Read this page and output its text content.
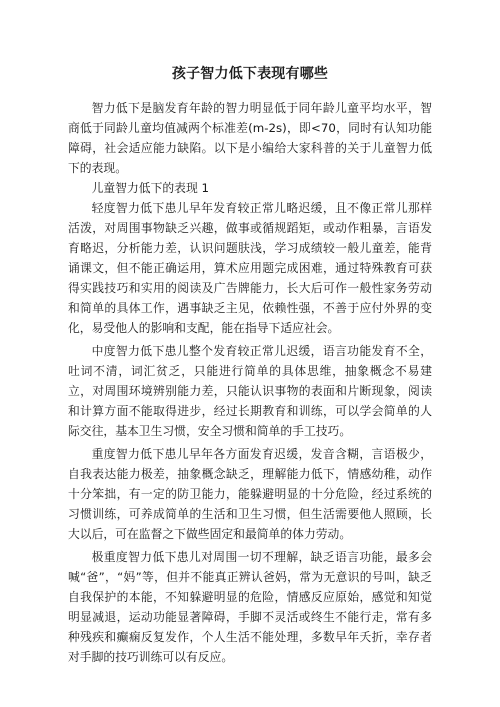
孩子智力低下表现有哪些

智力低下是脑发育年龄的智力明显低于同年龄儿童平均水平，智商低于同龄儿童均值减两个标准差(m-2s)，即<70，同时有认知功能障碍，社会适应能力缺陷。以下是小编给大家科普的关于儿童智力低下的表现。

儿童智力低下的表现 1

轻度智力低下患儿早年发育较正常儿略迟缓，且不像正常儿那样活泼，对周围事物缺乏兴趣，做事或循规蹈矩，或动作粗暴，言语发育略迟，分析能力差，认识问题肤浅，学习成绩较一般儿童差，能背诵课文，但不能正确运用，算术应用题完成困难，通过特殊教育可获得实践技巧和实用的阅读及广告牌能力，长大后可作一般性家务劳动和简单的具体工作，遇事缺乏主见，依赖性强，不善于应付外界的变化，易受他人的影响和支配，能在指导下适应社会。

中度智力低下患儿整个发育较正常儿迟缓，语言功能发育不全，吐词不清，词汇贫乏，只能进行简单的具体思维，抽象概念不易建立，对周围环境辨别能力差，只能认识事物的表面和片断现象，阅读和计算方面不能取得进步，经过长期教育和训练，可以学会简单的人际交往，基本卫生习惯，安全习惯和简单的手工技巧。

重度智力低下患儿早年各方面发育迟缓，发音含糊，言语极少，自我表达能力极差，抽象概念缺乏，理解能力低下，情感幼稚，动作十分笨拙，有一定的防卫能力，能躲避明显的十分危险，经过系统的习惯训练，可养成简单的生活和卫生习惯，但生活需要他人照顾，长大以后，可在监督之下做些固定和最简单的体力劳动。

极重度智力低下患儿对周围一切不理解，缺乏语言功能，最多会喊“爸”，“妈”等，但并不能真正辨认爸妈，常为无意识的号叫，缺乏自我保护的本能，不知躲避明显的危险，情感反应原始，感觉和知觉明显减退，运动功能显著障碍，手脚不灵活或终生不能行走，常有多种残疾和癫痫反复发作，个人生活不能处理，多数早年夭折，幸存者对手脚的技巧训练可以有反应。
